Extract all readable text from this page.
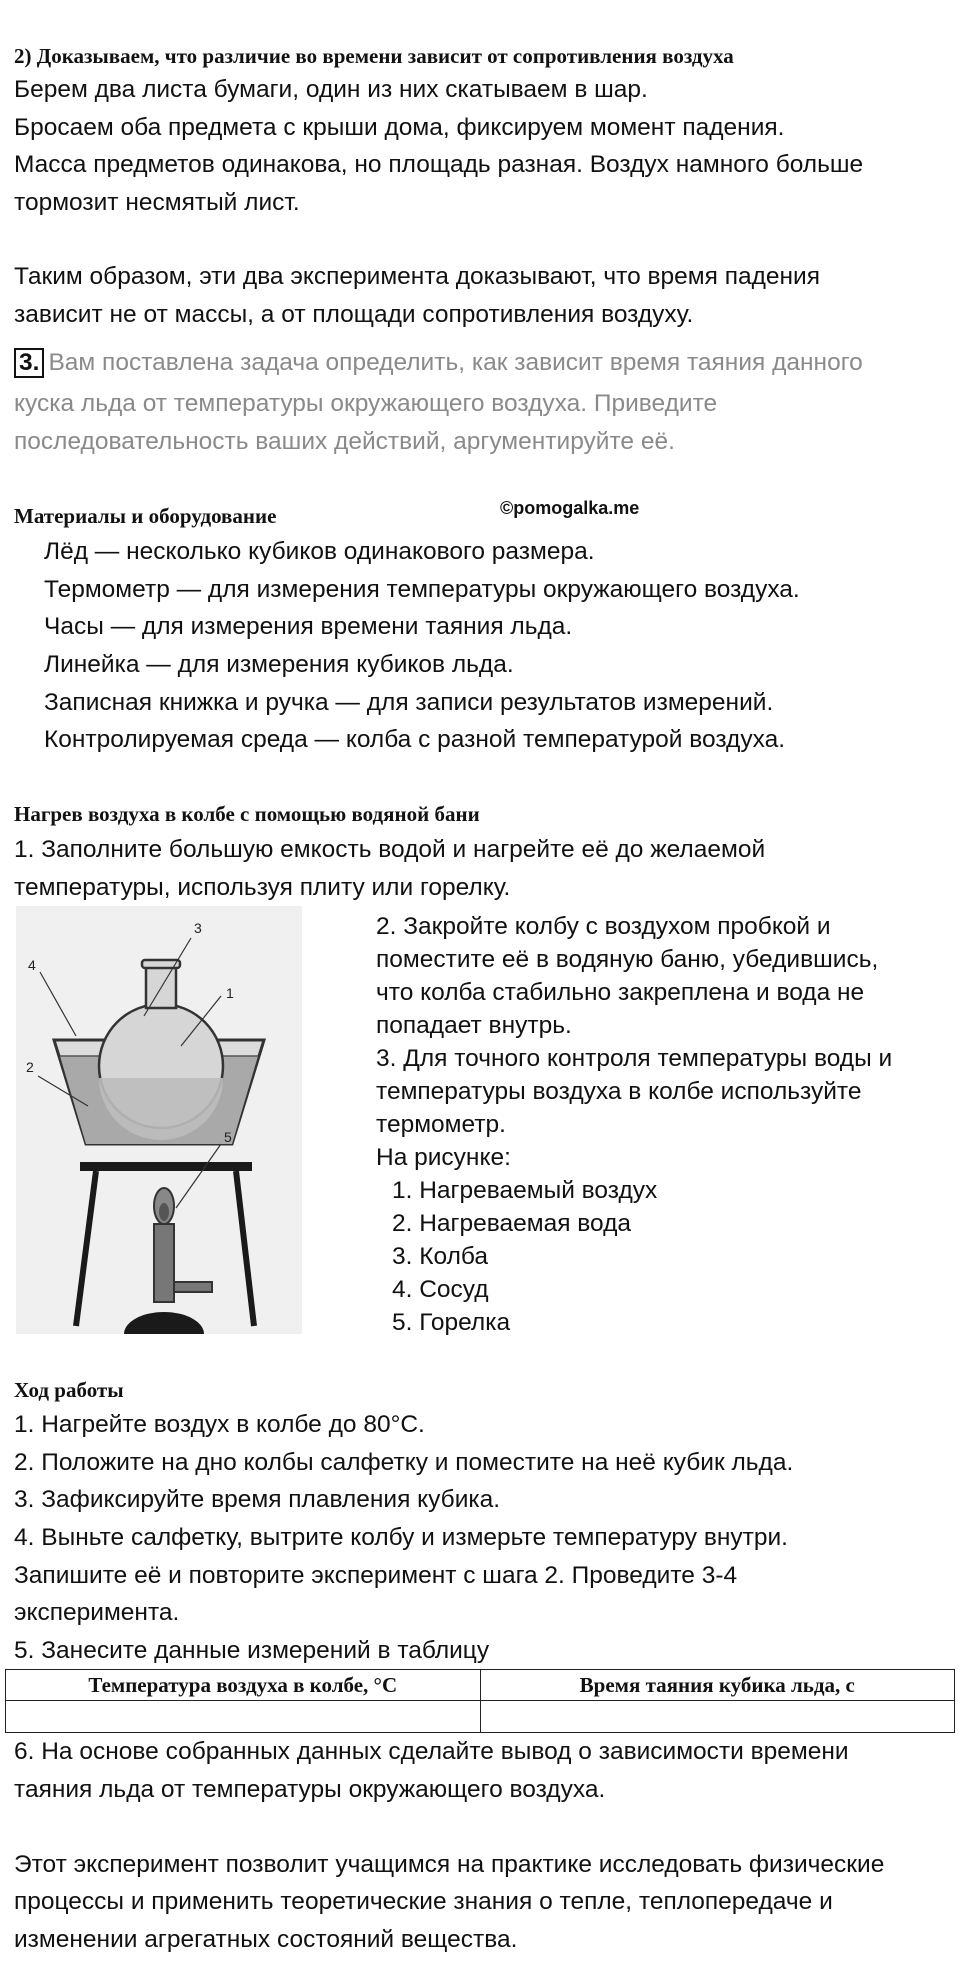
2) Доказываем, что различие во времени зависит от сопротивления воздуха
Берем два листа бумаги, один из них скатываем в шар.
Бросаем оба предмета с крыши дома, фиксируем момент падения.
Масса предметов одинакова, но площадь разная. Воздух намного больше
тормозит несмятый лист.
Таким образом, эти два эксперимента доказывают, что время падения
зависит не от массы, а от площади сопротивления воздуху.
3. Вам поставлена задача определить, как зависит время таяния данного
куска льда от температуры окружающего воздуха. Приведите
последовательность ваших действий, аргументируйте её.
Материалы и оборудование	©pomogalka.me
Лёд — несколько кубиков одинакового размера.
Термометр — для измерения температуры окружающего воздуха.
Часы — для измерения времени таяния льда.
Линейка — для измерения кубиков льда.
Записная книжка и ручка — для записи результатов измерений.
Контролируемая среда — колба с разной температурой воздуха.
Нагрев воздуха в колбе с помощью водяной бани
1. Заполните большую емкость водой и нагрейте её до желаемой
температуры, используя плиту или горелку.
3
1
4
2
5
2. Закройте колбу с воздухом пробкой и
поместите её в водяную баню, убедившись,
что колба стабильно закреплена и вода не
попадает внутрь.
3. Для точного контроля температуры воды и
температуры воздуха в колбе используйте
термометр.
На рисунке:
1. Нагреваемый воздух
2. Нагреваемая вода
3. Колба
4. Сосуд
5. Горелка
Ход работы
1. Нагрейте воздух в колбе до 80°С.
2. Положите на дно колбы салфетку и поместите на неё кубик льда.
3. Зафиксируйте время плавления кубика.
4. Выньте салфетку, вытрите колбу и измерьте температуру внутри.
Запишите её и повторите эксперимент с шага 2. Проведите 3-4
эксперимента.
5. Занесите данные измерений в таблицу
Температура воздуха в колбе, °С	Время таяния кубика льда, с

6. На основе собранных данных сделайте вывод о зависимости времени
таяния льда от температуры окружающего воздуха.
Этот эксперимент позволит учащимся на практике исследовать физические
процессы и применить теоретические знания о тепле, теплопередаче и
изменении агрегатных состояний вещества.
